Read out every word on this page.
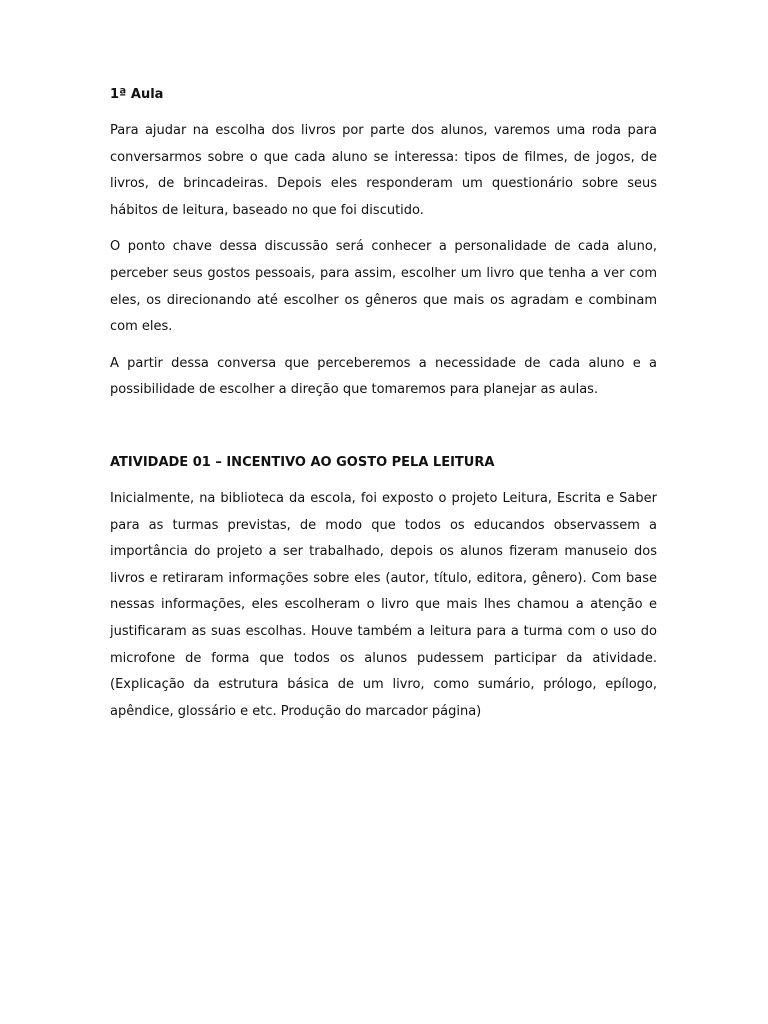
1ª Aula

Para ajudar na escolha dos livros por parte dos alunos, varemos uma roda para conversarmos sobre o que cada aluno se interessa: tipos de filmes, de jogos, de livros, de brincadeiras. Depois eles responderam um questionário sobre seus hábitos de leitura, baseado no que foi discutido.

O ponto chave dessa discussão será conhecer a personalidade de cada aluno, perceber seus gostos pessoais, para assim, escolher um livro que tenha a ver com eles, os direcionando até escolher os gêneros que mais os agradam e combinam com eles.

A partir dessa conversa que perceberemos a necessidade de cada aluno e a possibilidade de escolher a direção que tomaremos para planejar as aulas.

ATIVIDADE 01 – INCENTIVO AO GOSTO PELA LEITURA

Inicialmente, na biblioteca da escola, foi exposto o projeto Leitura, Escrita e Saber para as turmas previstas, de modo que todos os educandos observassem a importância do projeto a ser trabalhado, depois os alunos fizeram manuseio dos livros e retiraram informações sobre eles (autor, título, editora, gênero). Com base nessas informações, eles escolheram o livro que mais lhes chamou a atenção e justificaram as suas escolhas. Houve também a leitura para a turma com o uso do microfone de forma que todos os alunos pudessem participar da atividade. (Explicação da estrutura básica de um livro, como sumário, prólogo, epílogo, apêndice, glossário e etc. Produção do marcador página)
